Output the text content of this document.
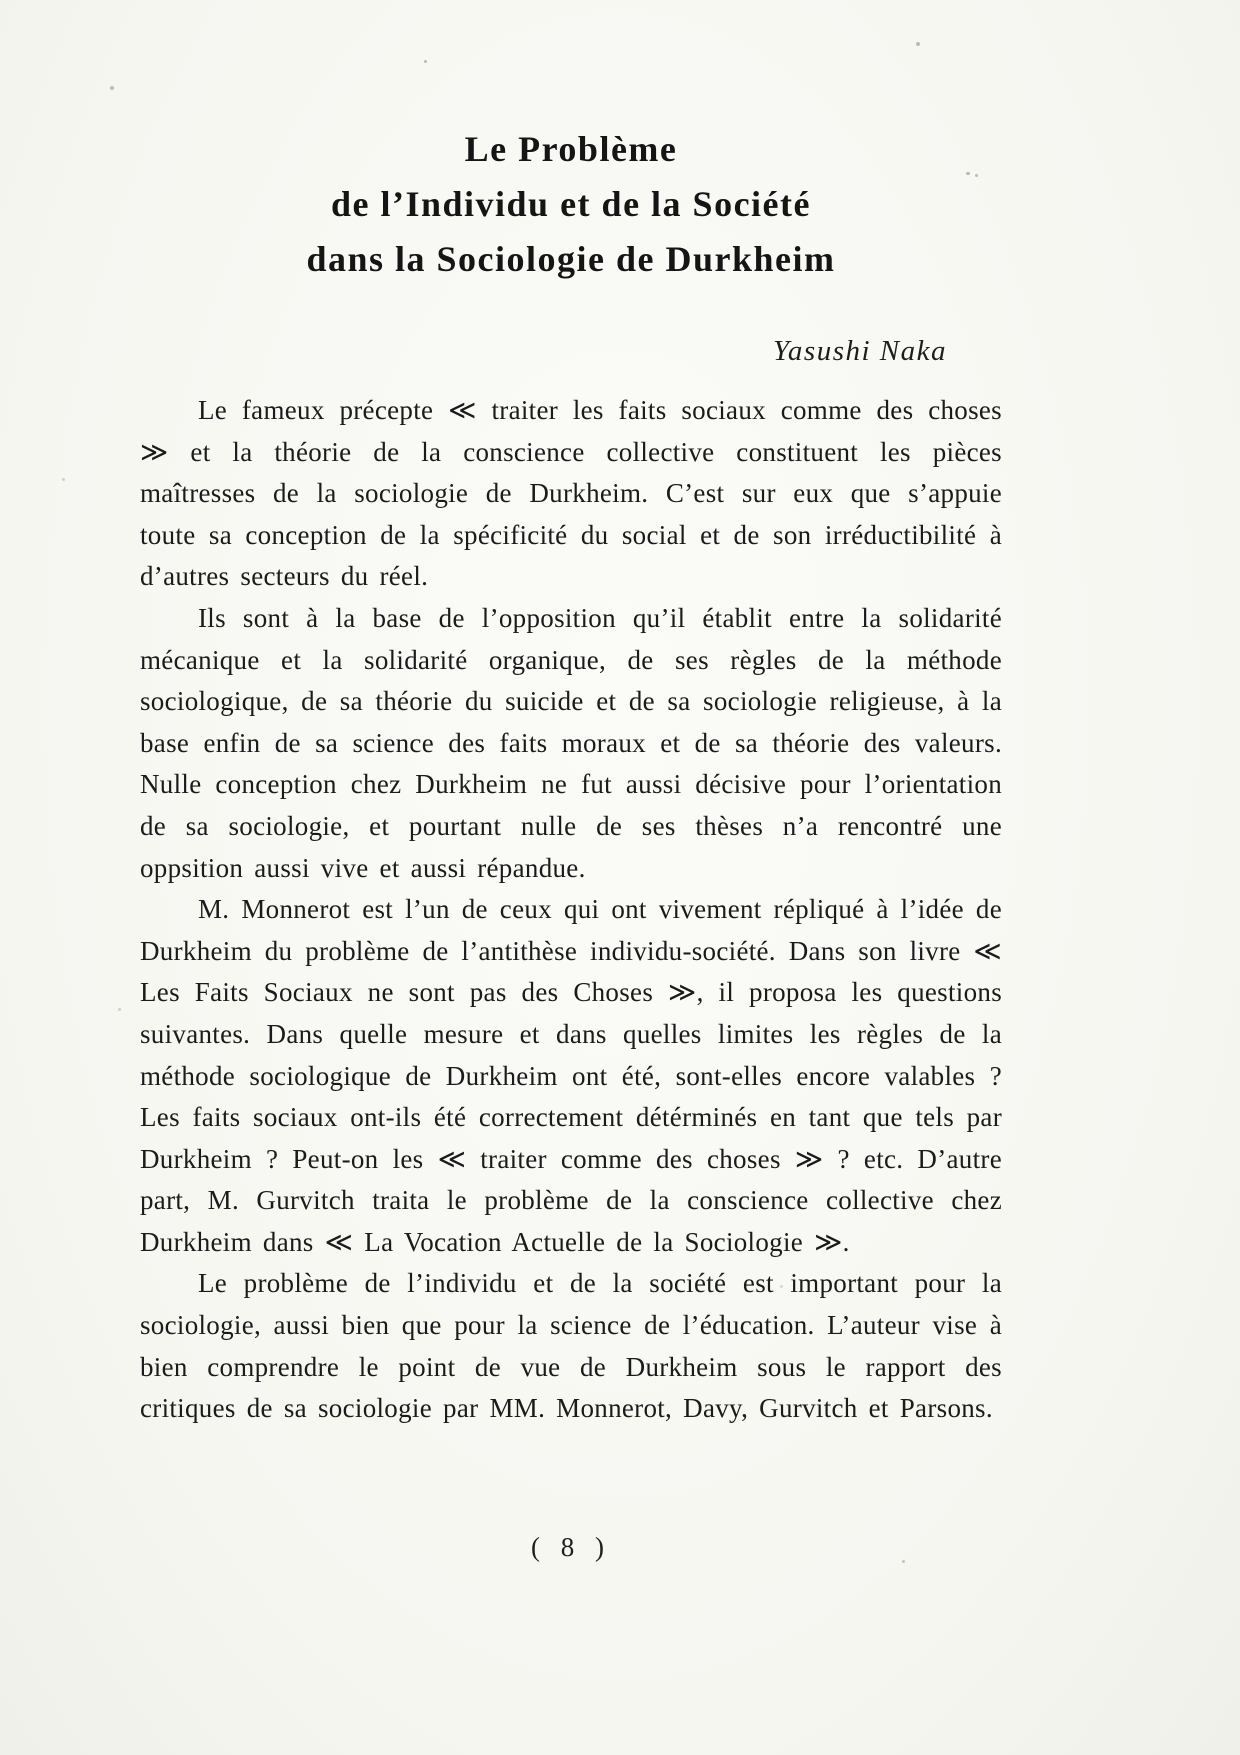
Le Problème
de l’Individu et de la Société
dans la Sociologie de Durkheim
Yasushi Naka

Le fameux précepte ≪ traiter les faits sociaux comme des choses ≫ et la théorie de la conscience collective constituent les pièces maîtresses de la sociologie de Durkheim. C’est sur eux que s’appuie toute sa conception de la spécificité du social et de son irréductibilité à d’autres secteurs du réel.

Ils sont à la base de l’opposition qu’il établit entre la solidarité mécanique et la solidarité organique, de ses règles de la méthode sociologique, de sa théorie du suicide et de sa sociologie religieuse, à la base enfin de sa science des faits moraux et de sa théorie des valeurs. Nulle conception chez Durkheim ne fut aussi décisive pour l’orientation de sa sociologie, et pourtant nulle de ses thèses n’a rencontré une oppsition aussi vive et aussi répandue.

M. Monnerot est l’un de ceux qui ont vivement répliqué à l’idée de Durkheim du problème de l’antithèse individu-société. Dans son livre ≪ Les Faits Sociaux ne sont pas des Choses ≫, il proposa les questions suivantes. Dans quelle mesure et dans quelles limites les règles de la méthode sociologique de Durkheim ont été, sont-elles encore valables ? Les faits sociaux ont-ils été correctement détérminés en tant que tels par Durkheim ? Peut-on les ≪ traiter comme des choses ≫ ? etc. D’autre part, M. Gurvitch traita le problème de la conscience collective chez Durkheim dans ≪ La Vocation Actuelle de la Sociologie ≫.

Le problème de l’individu et de la société est important pour la sociologie, aussi bien que pour la science de l’éducation. L’auteur vise à bien comprendre le point de vue de Durkheim sous le rapport des critiques de sa sociologie par MM. Monnerot, Davy, Gurvitch et Parsons.

( 8 )
